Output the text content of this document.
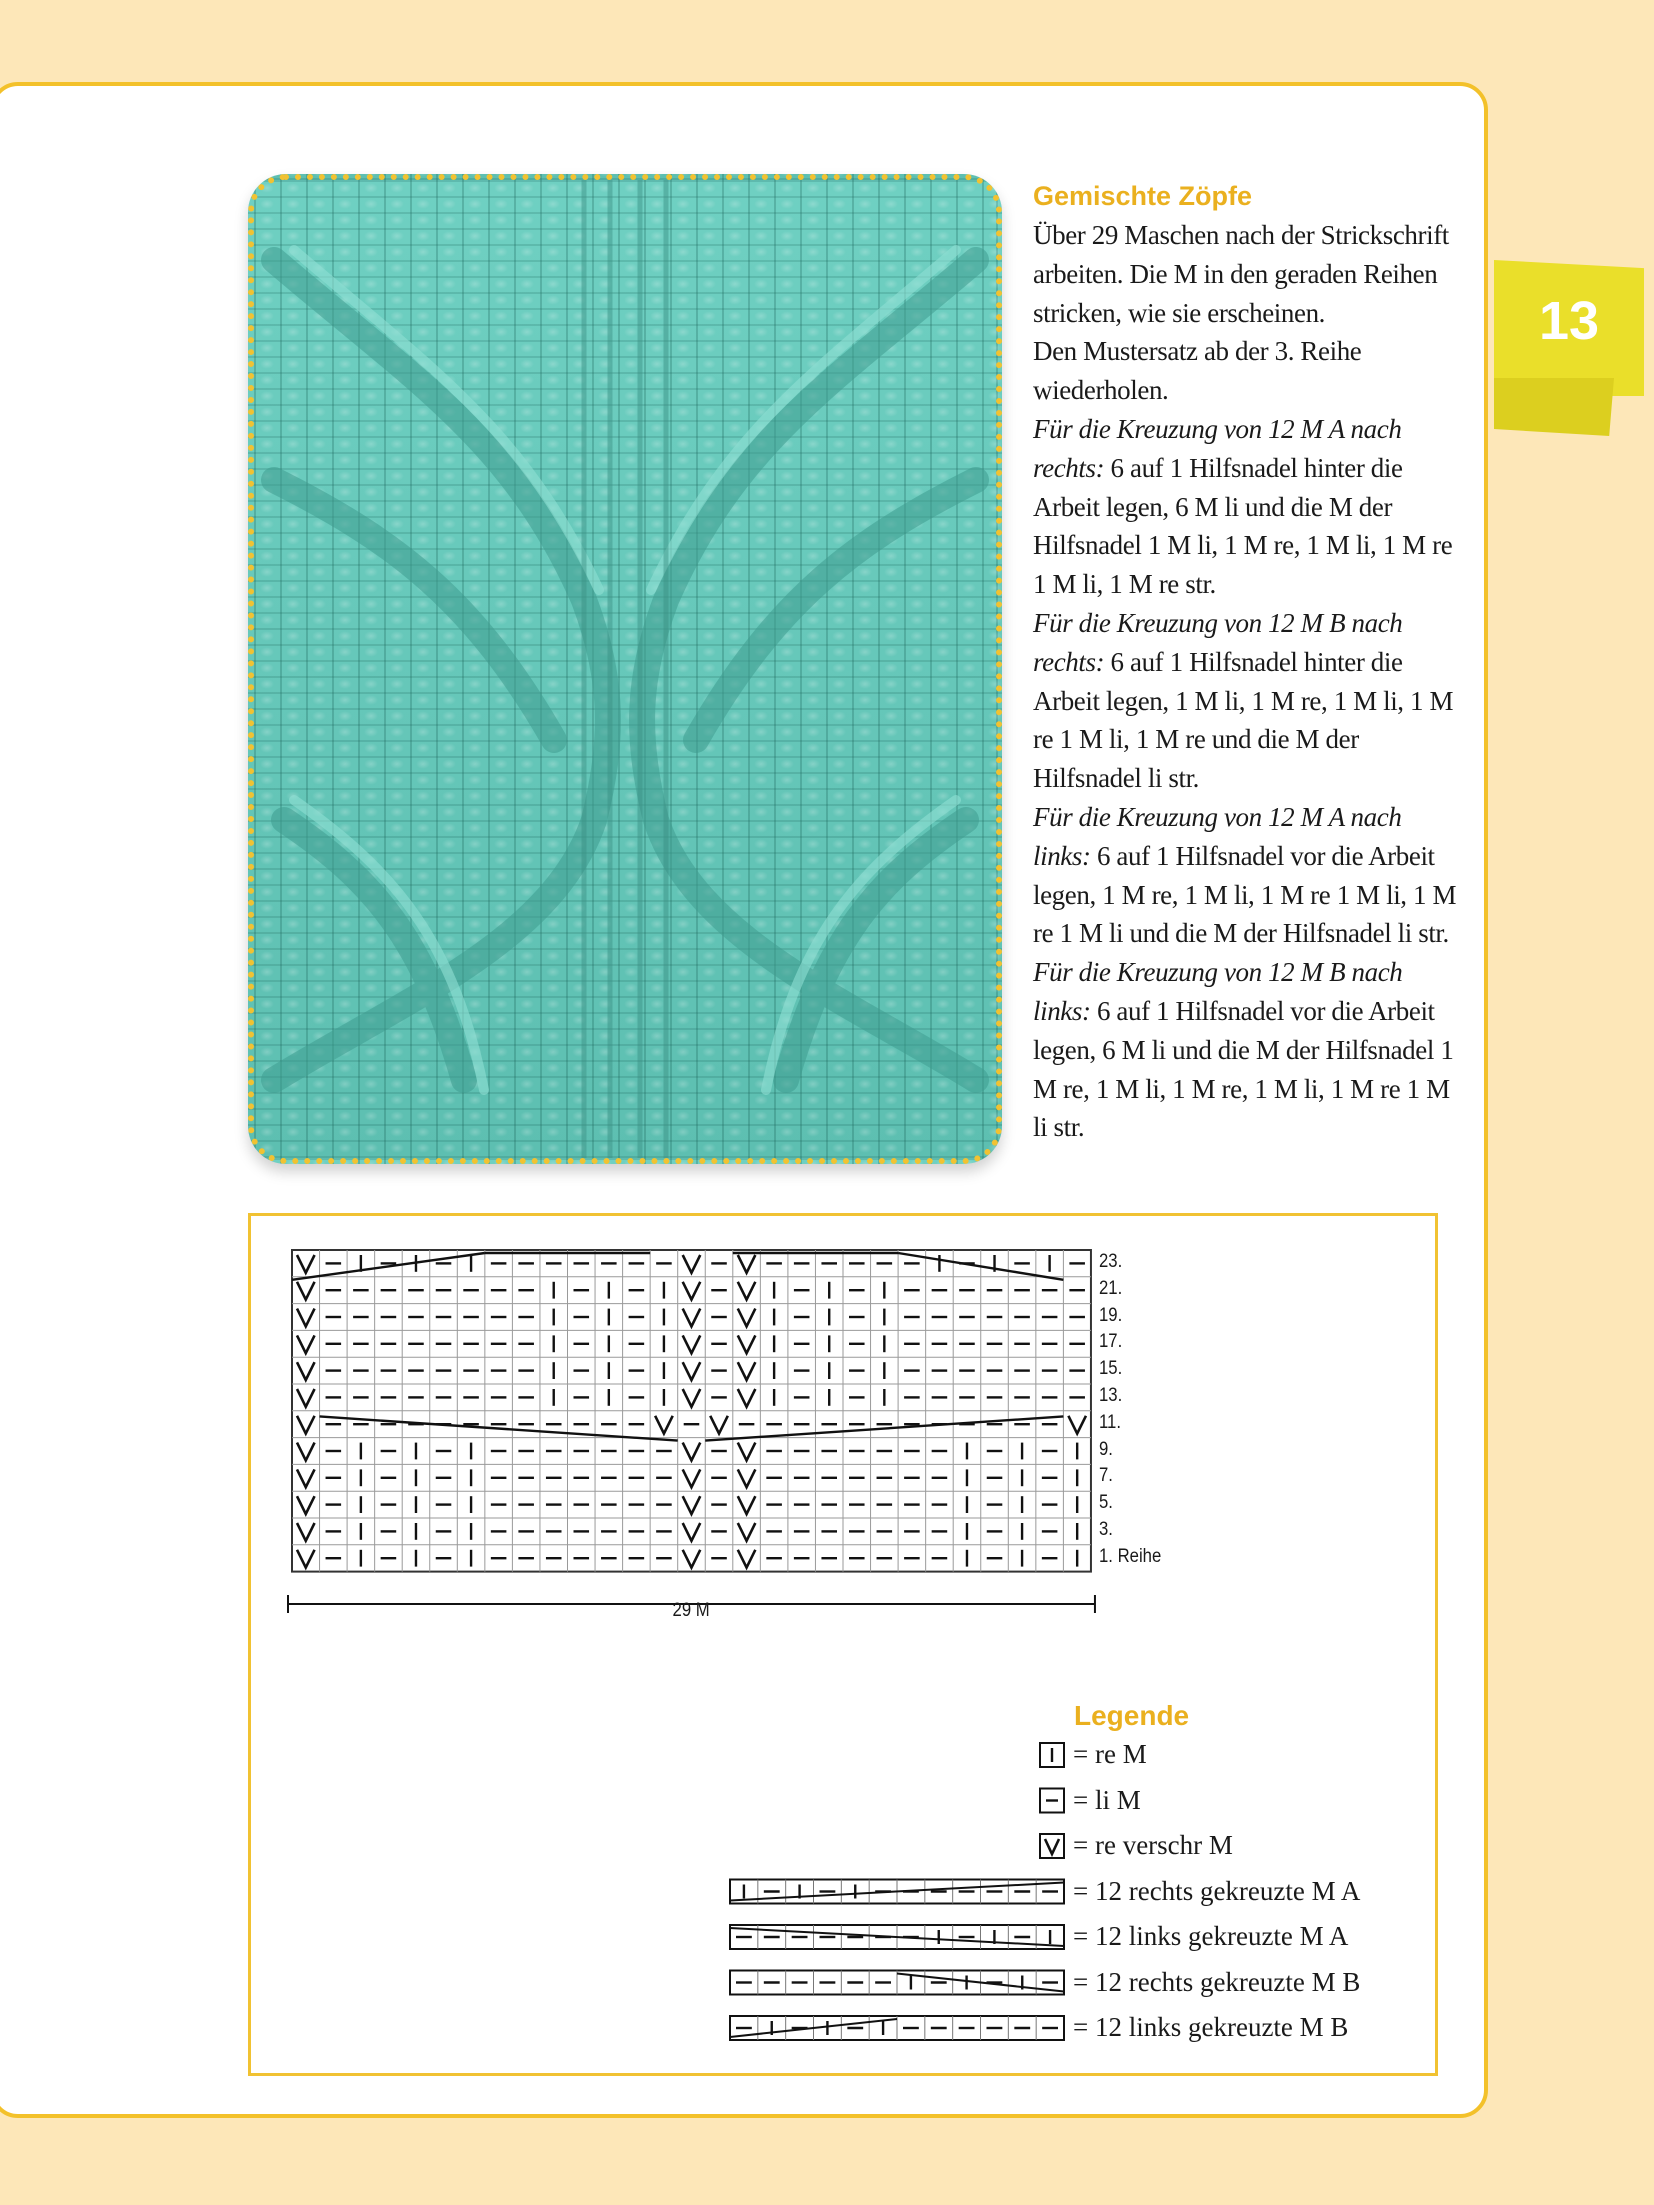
13
Gemischte Zöpfe

Über 29 Maschen nach der Strickschrift arbeiten. Die M in den geraden Reihen stricken, wie sie erscheinen.

Den Mustersatz ab der 3. Reihe wiederholen.

Für die Kreuzung von 12 M A nach rechts: 6 auf 1 Hilfsnadel hinter die Arbeit legen, 6 M li und die M der Hilfsnadel 1 M li, 1 M re, 1 M li, 1 M re 1 M li, 1 M re str.

Für die Kreuzung von 12 M B nach rechts: 6 auf 1 Hilfsnadel hinter die Arbeit legen, 1 M li, 1 M re, 1 M li, 1 M re 1 M li, 1 M re und die M der Hilfsnadel li str.

Für die Kreuzung von 12 M A nach links: 6 auf 1 Hilfsnadel vor die Arbeit legen, 1 M re, 1 M li, 1 M re 1 M li, 1 M re 1 M li und die M der Hilfsnadel li str.

Für die Kreuzung von 12 M B nach links: 6 auf 1 Hilfsnadel vor die Arbeit legen, 6 M li und die M der Hilfsnadel 1 M re, 1 M li, 1 M re, 1 M li, 1 M re 1 M li str.

23.
21.
19.
17.
15.
13.
11.
9.
7.
5.
3.
1. Reihe
29 M
Legende
= re M
= li M
= re verschr M
= 12 rechts gekreuzte M A
= 12 links gekreuzte M A
= 12 rechts gekreuzte M B
= 12 links gekreuzte M B
